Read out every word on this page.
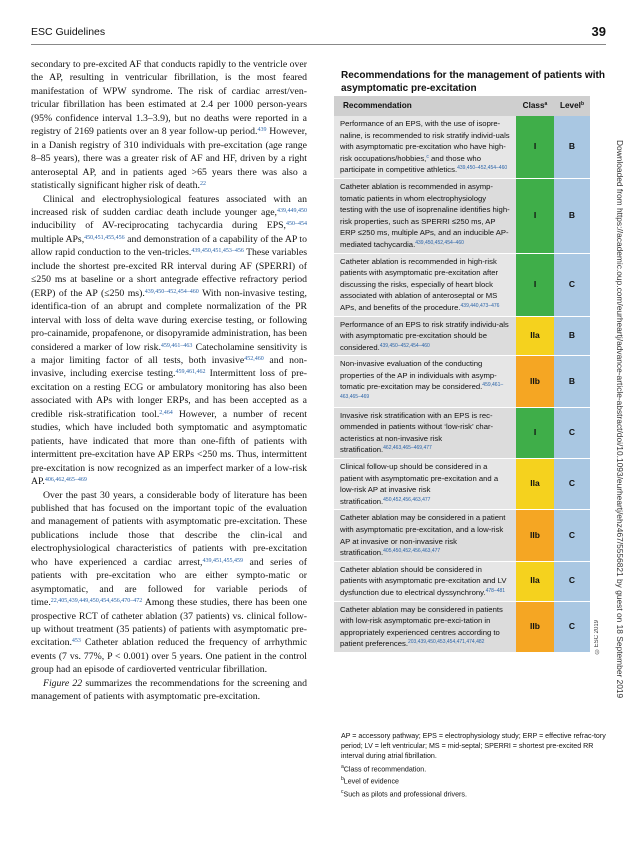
ESC Guidelines	39

secondary to pre-excited AF that conducts rapidly to the ventricle over the AP, resulting in ventricular fibrillation, is the most feared manifestation of WPW syndrome. The risk of cardiac arrest/ven-tricular fibrillation has been estimated at 2.4 per 1000 person-years (95% confidence interval 1.3–3.9), but no deaths were reported in a registry of 2169 patients over an 8 year follow-up period.$^{439}$ However, in a Danish registry of 310 individuals with pre-excitation (age range 8–85 years), there was a greater risk of AF and HF, driven by a right anteroseptal AP, and in patients aged >65 years there was also a statistically significant higher risk of death.$^{22}$

Clinical and electrophysiological features associated with an increased risk of sudden cardiac death include younger age,$^{439,449,450}$ inducibility of AV-reciprocating tachycardia during EPS,$^{450-454}$ multiple APs,$^{450,451,455,456}$ and demonstration of a capability of the AP to allow rapid conduction to the ven-tricles.$^{439,450,451,453-456}$ These variables include the shortest pre-excited RR interval during AF (SPERRI) of ≤250 ms at baseline or a short antegrade effective refractory period (ERP) of the AP (≤250 ms).$^{439,450-452,454-460}$ With non-invasive testing, identifica-tion of an abrupt and complete normalization of the PR interval with loss of delta wave during exercise testing, or following pro-cainamide, propafenone, or disopyramide administration, has been considered a marker of low risk.$^{459,461-463}$ Catecholamine sensitivity is a major limiting factor of all tests, both invasive$^{452,460}$ and non-invasive, including exercise testing.$^{459,461,462}$ Intermittent loss of pre-excitation on a resting ECG or ambulatory monitoring has also been associated with APs with longer ERPs, and has been accepted as a credible risk-stratification tool.$^{2,464}$ However, a number of recent studies, which have included both symptomatic and asymptomatic patients, have indicated that more than one-fifth of patients with intermittent pre-excitation have AP ERPs <250 ms. Thus, intermittent pre-excitation is now recognized as an imperfect marker of a low-risk AP.$^{406,462,465-469}$

Over the past 30 years, a considerable body of literature has been published that has focused on the important topic of the evaluation and management of patients with asymptomatic pre-excitation. These publications include those that describe the clin-ical and electrophysiological characteristics of patients with pre-excitation who have experienced a cardiac arrest,$^{439,451,455,459}$ and series of patients with pre-excitation who are either sympto-matic or asymptomatic, and are followed for variable periods of time.$^{22,405,439,449,450,454,456,470-472}$ Among these studies, there has been one prospective RCT of catheter ablation (37 patients) vs. clinical follow-up without treatment (35 patients) of patients with asymptomatic pre-excitation.$^{453}$ Catheter ablation reduced the frequency of arrhythmic events (7 vs. 77%, P < 0.001) over 5 years. One patient in the control group had an episode of cardioverted ventricular fibrillation.

Figure 22 summarizes the recommendations for the screening and management of patients with asymptomatic pre-excitation.

Recommendations for the management of patients with asymptomatic pre-excitation
Recommendation	Class$^a$	Level$^b$
Performance of an EPS, with the use of isopre-naline, is recommended to risk stratify individ-uals with asymptomatic pre-excitation who have high-risk occupations/hobbies,$^c$ and those who participate in competitive athletics.$^{439,450-452,454-460}$	I	B
Catheter ablation is recommended in asymp-tomatic patients in whom electrophysiology testing with the use of isoprenaline identifies high-risk properties, such as SPERRI ≤250 ms, AP ERP ≤250 ms, multiple APs, and an inducible AP-mediated tachycardia.$^{439,450,452,454-460}$	I	B
Catheter ablation is recommended in high-risk patients with asymptomatic pre-excitation after discussing the risks, especially of heart block associated with ablation of anteroseptal or MS APs, and benefits of the procedure.$^{439,440,473-476}$	I	C
Performance of an EPS to risk stratify individu-als with asymptomatic pre-excitation should be considered.$^{439,450-452,454-460}$	IIa	B
Non-invasive evaluation of the conducting properties of the AP in individuals with asymp-tomatic pre-excitation may be considered.$^{459,461-463,465-469}$	IIb	B
Invasive risk stratification with an EPS is rec-ommended in patients without ‘low-risk’ char-acteristics at non-invasive risk stratification.$^{462,463,465-469,477}$	I	C
Clinical follow-up should be considered in a patient with asymptomatic pre-excitation and a low-risk AP at invasive risk stratification.$^{450,452,456,463,477}$	IIa	C
Catheter ablation may be considered in a patient with asymptomatic pre-excitation, and a low-risk AP at invasive or non-invasive risk stratification.$^{405,450,452,456,463,477}$	IIb	C
Catheter ablation should be considered in patients with asymptomatic pre-excitation and LV dysfunction due to electrical dyssynchrony.$^{478-481}$	IIa	C
Catheter ablation may be considered in patients with low-risk asymptomatic pre-exci-tation in appropriately experienced centres according to patient preferences.$^{203,439,450,453,454,471,474,482}$	IIb	C
AP = accessory pathway; EPS = electrophysiology study; ERP = effective refrac-tory period; LV = left ventricular; MS = mid-septal; SPERRI = shortest pre-excited RR interval during atrial fibrillation.
$^a$Class of recommendation.
$^b$Level of evidence
$^c$Such as pilots and professional drivers.
Downloaded from https://academic.oup.com/eurheartj/advance-article-abstract/doi/10.1093/eurheartj/ehz467/5556821 by guest on 18 September 2019
©ESC 2019
